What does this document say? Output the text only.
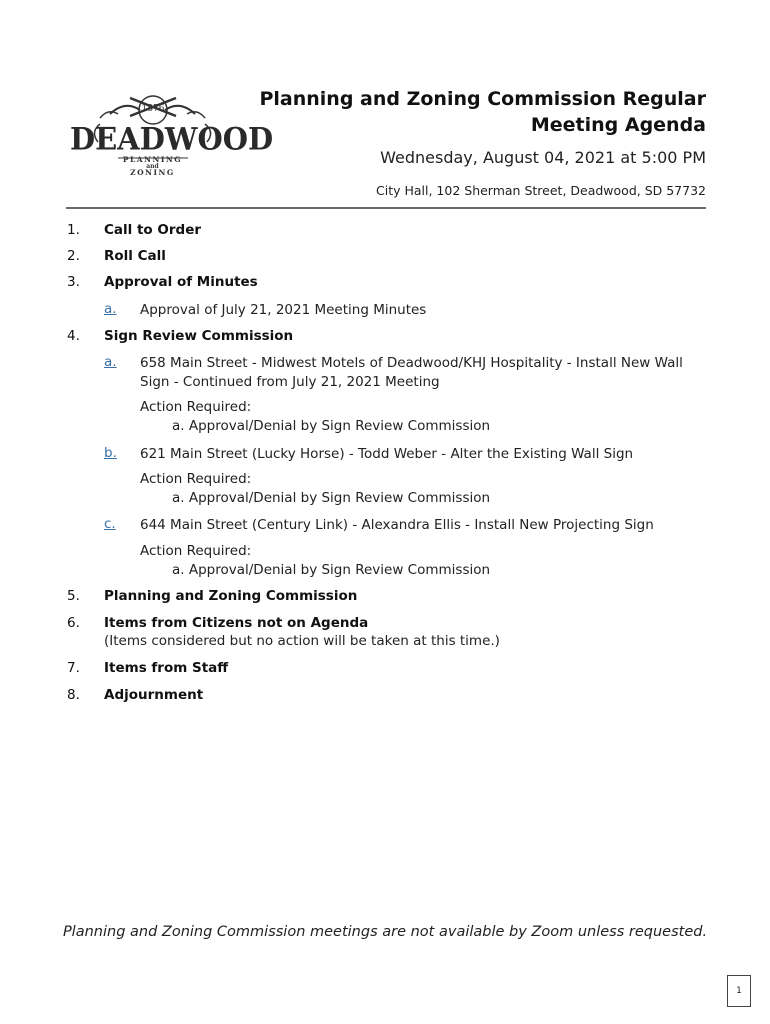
1876
DEADWOOD
PLANNING
and
ZONING
Planning and Zoning Commission Regular Meeting Agenda
Wednesday, August 04, 2021 at 5:00 PM
City Hall, 102 Sherman Street, Deadwood, SD 57732
1. Call to Order
2. Roll Call
3. Approval of Minutes
a. Approval of July 21, 2021 Meeting Minutes
4. Sign Review Commission
a. 658 Main Street - Midwest Motels of Deadwood/KHJ Hospitality - Install New Wall Sign - Continued from July 21, 2021 Meeting
Action Required:
a. Approval/Denial by Sign Review Commission
b. 621 Main Street (Lucky Horse) - Todd Weber - Alter the Existing Wall Sign
Action Required:
a. Approval/Denial by Sign Review Commission
c. 644 Main Street (Century Link) - Alexandra Ellis - Install New Projecting Sign
Action Required:
a. Approval/Denial by Sign Review Commission
5. Planning and Zoning Commission
6. Items from Citizens not on Agenda
(Items considered but no action will be taken at this time.)
7. Items from Staff
8. Adjournment
Planning and Zoning Commission meetings are not available by Zoom unless requested.
1
